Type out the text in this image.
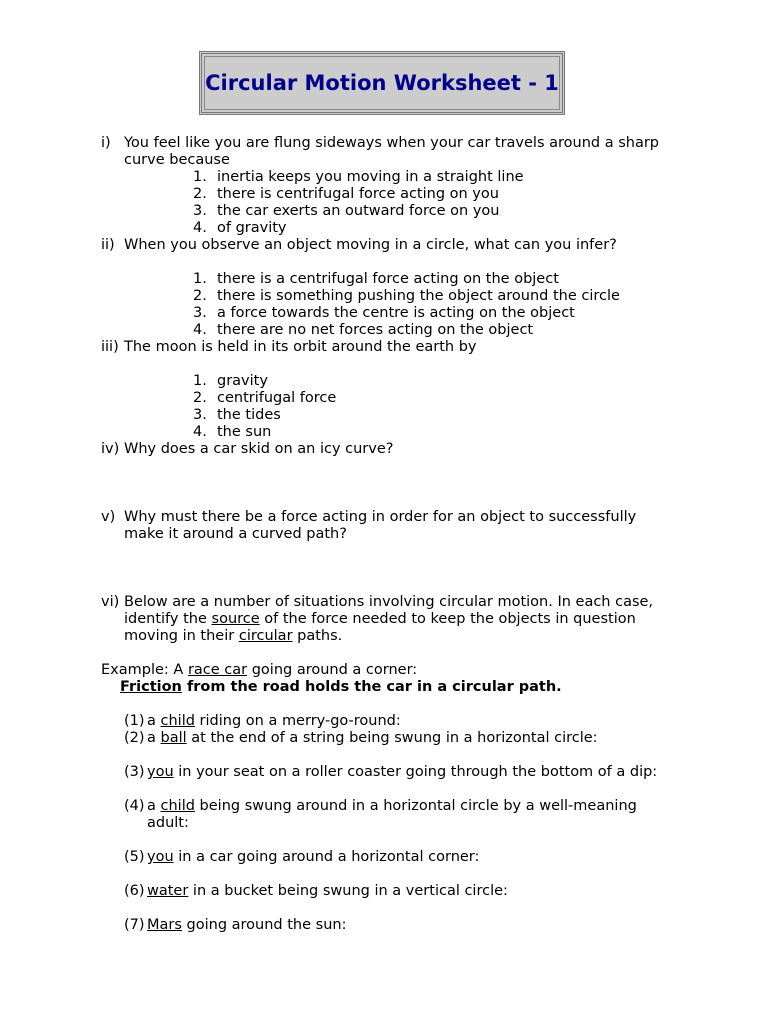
Circular Motion Worksheet - 1
i) You feel like you are flung sideways when your car travels around a sharp curve because
1. inertia keeps you moving in a straight line
2. there is centrifugal force acting on you
3. the car exerts an outward force on you
4. of gravity
ii) When you observe an object moving in a circle, what can you infer?
1. there is a centrifugal force acting on the object
2. there is something pushing the object around the circle
3. a force towards the centre is acting on the object
4. there are no net forces acting on the object
iii) The moon is held in its orbit around the earth by
1. gravity
2. centrifugal force
3. the tides
4. the sun
iv) Why does a car skid on an icy curve?
v) Why must there be a force acting in order for an object to successfully make it around a curved path?
vi) Below are a number of situations involving circular motion. In each case, identify the source of the force needed to keep the objects in question moving in their circular paths.
Example: A race car going around a corner:
Friction from the road holds the car in a circular path.
(1) a child riding on a merry-go-round:
(2) a ball at the end of a string being swung in a horizontal circle:
(3) you in your seat on a roller coaster going through the bottom of a dip:
(4) a child being swung around in a horizontal circle by a well-meaning adult:
(5) you in a car going around a horizontal corner:
(6) water in a bucket being swung in a vertical circle:
(7) Mars going around the sun:
